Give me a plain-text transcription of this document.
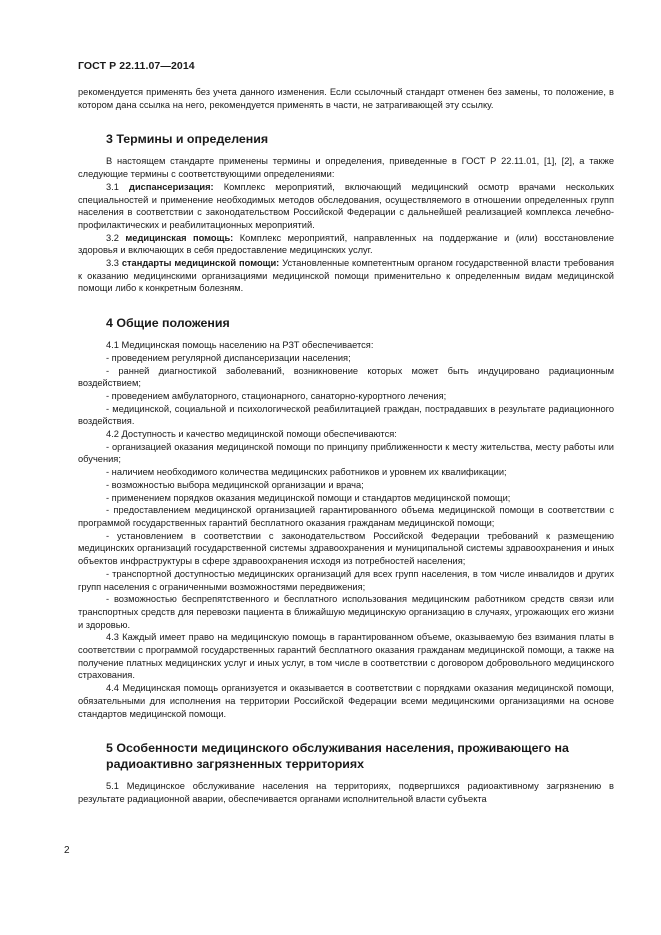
ГОСТ Р 22.11.07—2014

рекомендуется применять без учета данного изменения. Если ссылочный стандарт отменен без замены, то положение, в котором дана ссылка на него, рекомендуется применять в части, не затрагивающей эту ссылку.

3 Термины и определения

В настоящем стандарте применены термины и определения, приведенные в ГОСТ Р 22.11.01, [1], [2], а также следующие термины с соответствующими определениями:

3.1 диспансеризация: Комплекс мероприятий, включающий медицинский осмотр врачами нескольких специальностей и применение необходимых методов обследования, осуществляемого в отношении определенных групп населения в соответствии с законодательством Российской Федерации с дальнейшей реализацией комплекса лечебно-профилактических и реабилитационных мероприятий.

3.2 медицинская помощь: Комплекс мероприятий, направленных на поддержание и (или) восстановление здоровья и включающих в себя предоставление медицинских услуг.

3.3 стандарты медицинской помощи: Установленные компетентным органом государственной власти требования к оказанию медицинскими организациями медицинской помощи применительно к определенным видам медицинской помощи либо к конкретным болезням.

4 Общие положения

4.1 Медицинская помощь населению на РЗТ обеспечивается:

- проведением регулярной диспансеризации населения;

- ранней диагностикой заболеваний, возникновение которых может быть индуцировано радиационным воздействием;

- проведением амбулаторного, стационарного, санаторно-курортного лечения;

- медицинской, социальной и психологической реабилитацией граждан, пострадавших в результате радиационного воздействия.

4.2 Доступность и качество медицинской помощи обеспечиваются:

- организацией оказания медицинской помощи по принципу приближенности к месту жительства, месту работы или обучения;

- наличием необходимого количества медицинских работников и уровнем их квалификации;

- возможностью выбора медицинской организации и врача;

- применением порядков оказания медицинской помощи и стандартов медицинской помощи;

- предоставлением медицинской организацией гарантированного объема медицинской помощи в соответствии с программой государственных гарантий бесплатного оказания гражданам медицинской помощи;

- установлением в соответствии с законодательством Российской Федерации требований к размещению медицинских организаций государственной системы здравоохранения и муниципальной системы здравоохранения и иных объектов инфраструктуры в сфере здравоохранения исходя из потребностей населения;

- транспортной доступностью медицинских организаций для всех групп населения, в том числе инвалидов и других групп населения с ограниченными возможностями передвижения;

- возможностью беспрепятственного и бесплатного использования медицинским работником средств связи или транспортных средств для перевозки пациента в ближайшую медицинскую организацию в случаях, угрожающих его жизни и здоровью.

4.3 Каждый имеет право на медицинскую помощь в гарантированном объеме, оказываемую без взимания платы в соответствии с программой государственных гарантий бесплатного оказания гражданам медицинской помощи, а также на получение платных медицинских услуг и иных услуг, в том числе в соответствии с договором добровольного медицинского страхования.

4.4 Медицинская помощь организуется и оказывается в соответствии с порядками оказания медицинской помощи, обязательными для исполнения на территории Российской Федерации всеми медицинскими организациями на основе стандартов медицинской помощи.

5 Особенности медицинского обслуживания населения, проживающего на радиоактивно загрязненных территориях

5.1 Медицинское обслуживание населения на территориях, подвергшихся радиоактивному загрязнению в результате радиационной аварии, обеспечивается органами исполнительной власти субъекта

2
